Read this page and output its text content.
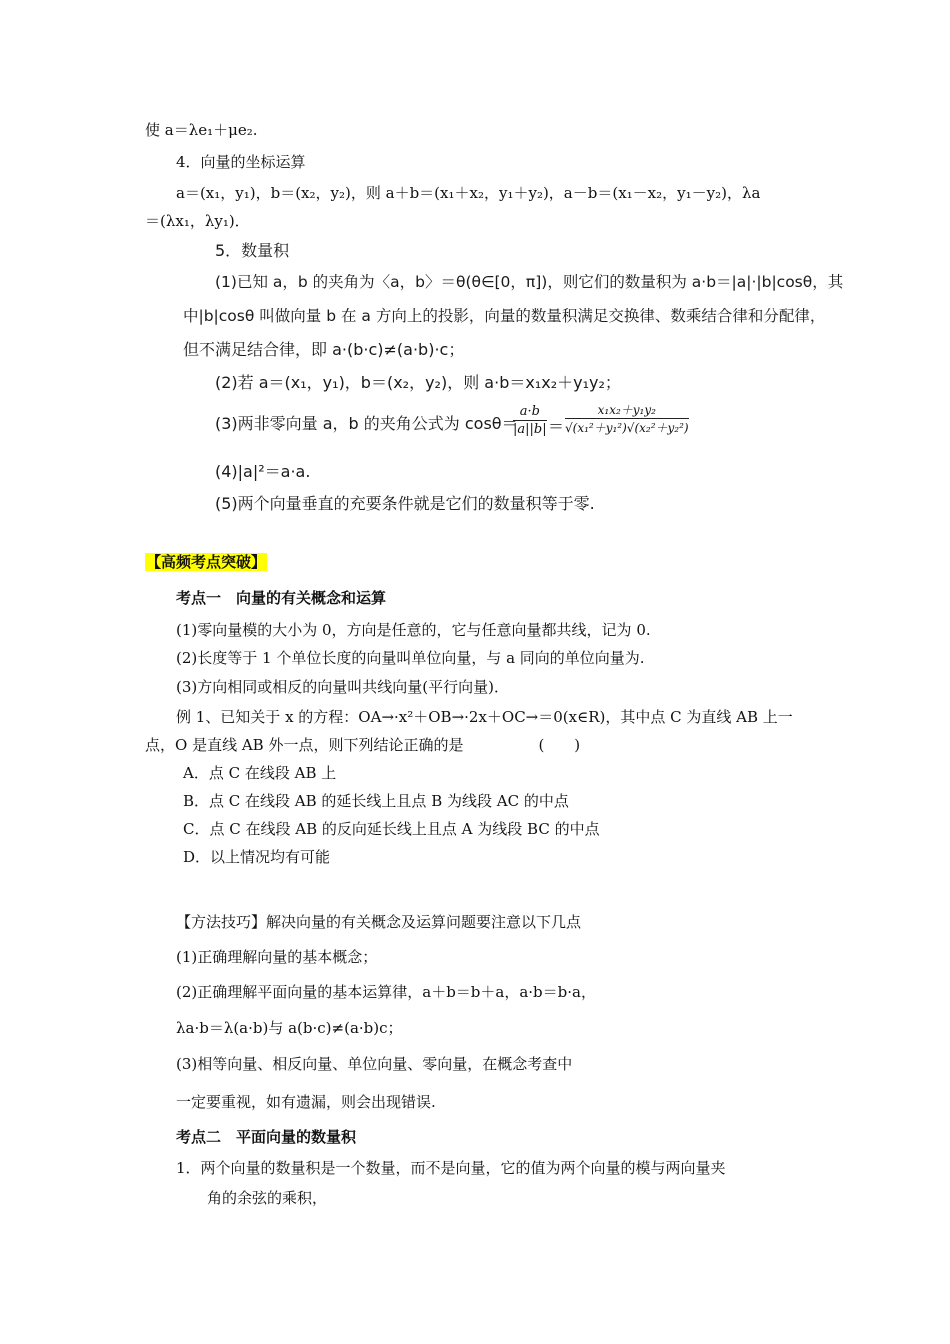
使 a＝λe₁＋μe₂.
4．向量的坐标运算
a＝(x₁，y₁)，b＝(x₂，y₂)，则 a＋b＝(x₁＋x₂，y₁＋y₂)，a－b＝(x₁－x₂，y₁－y₂)，λa
＝(λx₁，λy₁)．
5．数量积
(1)已知 a，b 的夹角为〈a，b〉＝θ(θ∈[0，π])，则它们的数量积为 a·b＝|a|·|b|cosθ，其
中|b|cosθ 叫做向量 b 在 a 方向上的投影，向量的数量积满足交换律、数乘结合律和分配律，
但不满足结合律，即 a·(b·c)≠(a·b)·c；
(2)若 a＝(x₁，y₁)，b＝(x₂，y₂)，则 a·b＝x₁x₂＋y₁y₂；
(3)两非零向量 a，b 的夹角公式为 cosθ＝
$\frac{a\cdot b}{|a||b|} = \frac{\text{x₁x₂＋y₁y₂}}{\text{√(x₁²＋y₁²)√(x₂²＋y₂²)}}$
(4)|a|²＝a·a.
(5)两个向量垂直的充要条件就是它们的数量积等于零.
【高频考点突破】
考点一　向量的有关概念和运算
(1)零向量模的大小为 0，方向是任意的，它与任意向量都共线，记为 0.
(2)长度等于 1 个单位长度的向量叫单位向量，与 a 同向的单位向量为.
(3)方向相同或相反的向量叫共线向量(平行向量)．
例 1、已知关于 x 的方程：OA→·x²＋OB→·2x＋OC→＝0(x∈R)，其中点 C 为直线 AB 上一
点，O 是直线 AB 外一点，则下列结论正确的是　　　　　(　　)
A．点 C 在线段 AB 上
B．点 C 在线段 AB 的延长线上且点 B 为线段 AC 的中点
C．点 C 在线段 AB 的反向延长线上且点 A 为线段 BC 的中点
D．以上情况均有可能
【方法技巧】解决向量的有关概念及运算问题要注意以下几点
(1)正确理解向量的基本概念；
(2)正确理解平面向量的基本运算律，a＋b＝b＋a，a·b＝b·a，
λa·b＝λ(a·b)与 a(b·c)≠(a·b)c；
(3)相等向量、相反向量、单位向量、零向量，在概念考查中
一定要重视，如有遗漏，则会出现错误.
考点二　平面向量的数量积
1．两个向量的数量积是一个数量，而不是向量，它的值为两个向量的模与两向量夹
角的余弦的乘积，
